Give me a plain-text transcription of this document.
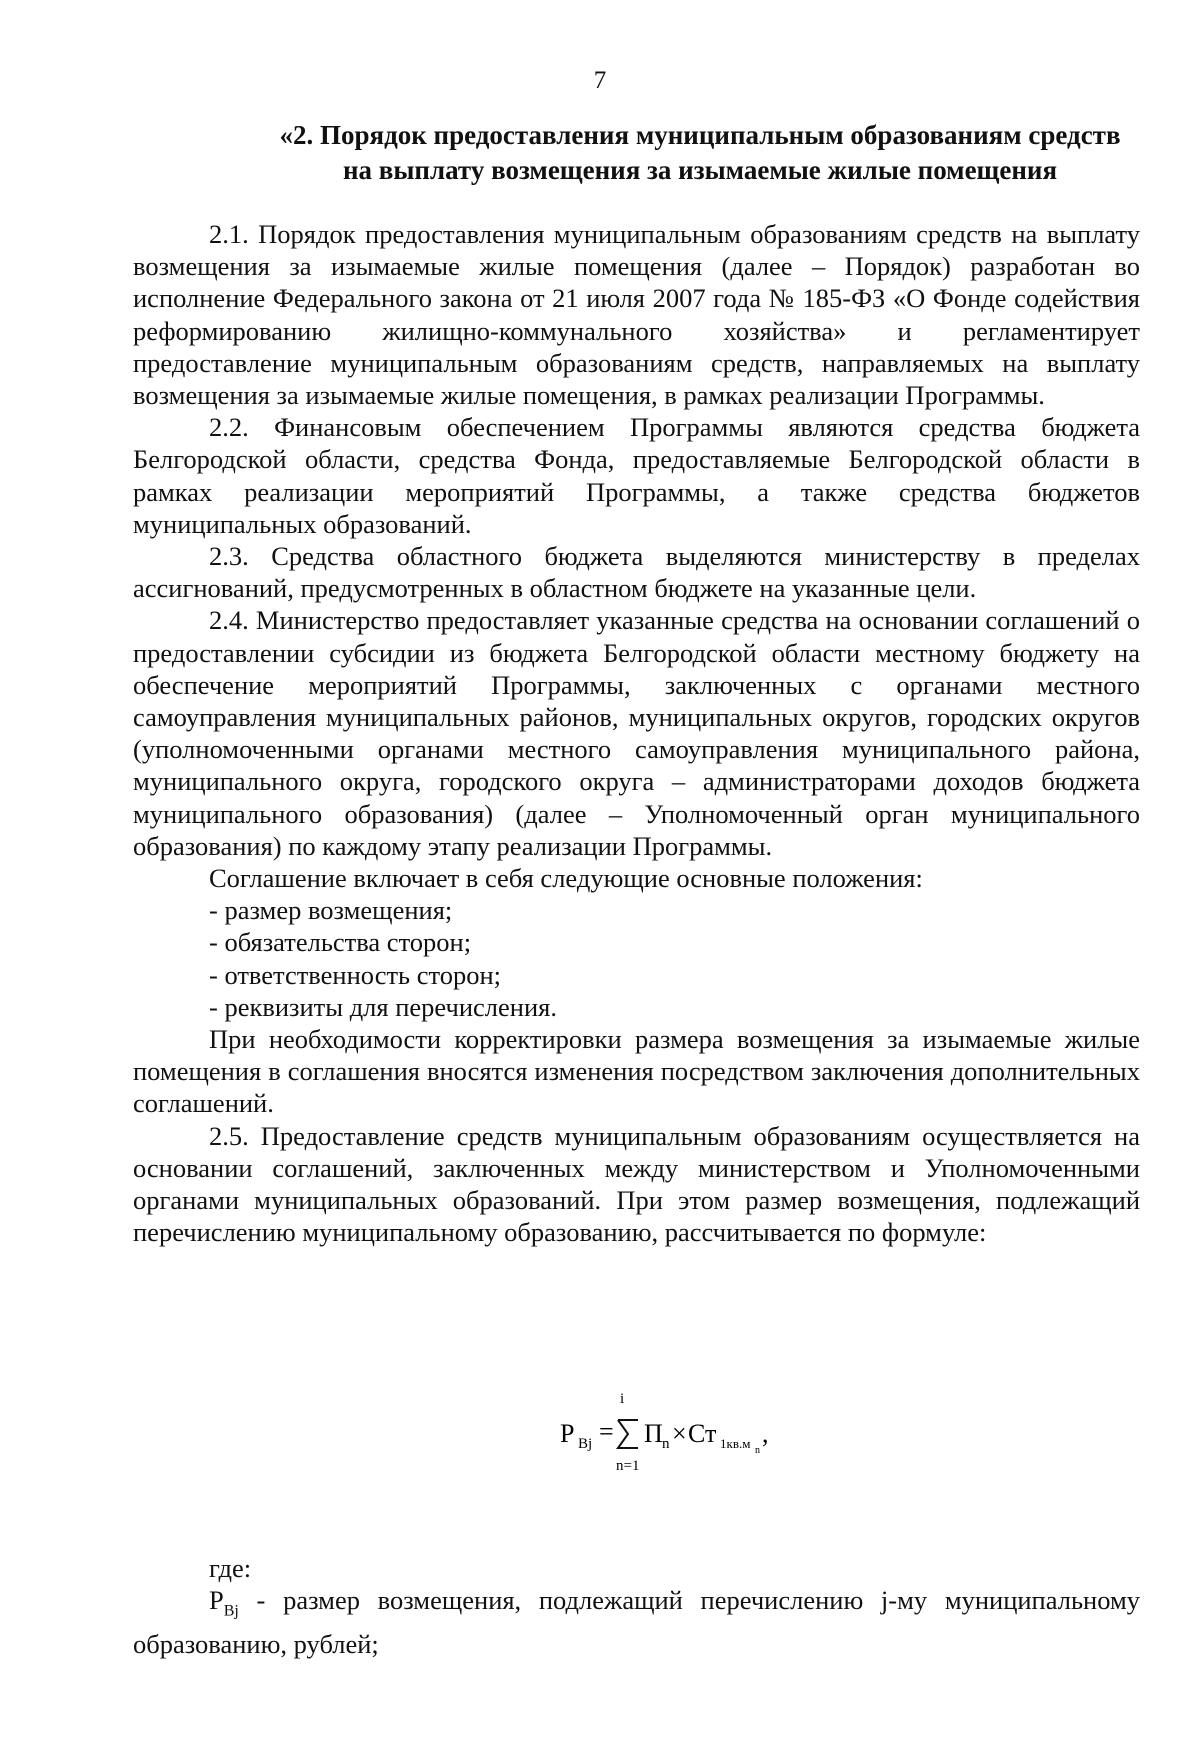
7
«2. Порядок предоставления муниципальным образованиям средств
на выплату возмещения за изымаемые жилые помещения

2.1. Порядок предоставления муниципальным образованиям средств на выплату возмещения за изымаемые жилые помещения (далее – Порядок) разработан во исполнение Федерального закона от 21 июля 2007 года № 185-ФЗ «О Фонде содействия реформированию жилищно-коммунального хозяйства» и регламентирует предоставление муниципальным образованиям средств, направляемых на выплату возмещения за изымаемые жилые помещения, в рамках реализации Программы.

2.2. Финансовым обеспечением Программы являются средства бюджета Белгородской области, средства Фонда, предоставляемые Белгородской области в рамках реализации мероприятий Программы, а также средства бюджетов муниципальных образований.

2.3. Средства областного бюджета выделяются министерству в пределах ассигнований, предусмотренных в областном бюджете на указанные цели.

2.4. Министерство предоставляет указанные средства на основании соглашений о предоставлении субсидии из бюджета Белгородской области местному бюджету на обеспечение мероприятий Программы, заключенных с органами местного самоуправления муниципальных районов, муниципальных округов, городских округов (уполномоченными органами местного самоуправления муниципального района, муниципального округа, городского округа – администраторами доходов бюджета муниципального образования) (далее – Уполномоченный орган муниципального образования) по каждому этапу реализации Программы.

Соглашение включает в себя следующие основные положения:

- размер возмещения;

- обязательства сторон;

- ответственность сторон;

- реквизиты для перечисления.

При необходимости корректировки размера возмещения за изымаемые жилые помещения в соглашения вносятся изменения посредством заключения дополнительных соглашений.

2.5. Предоставление средств муниципальным образованиям осуществляется на основании соглашений, заключенных между министерством и Уполномоченными органами муниципальных образований. При этом размер возмещения, подлежащий перечислению муниципальному образованию, рассчитывается по формуле:

P Bj =
i
n=1
П n × Ст 1кв.м n
,

где:

$P_{Bj}$ - размер возмещения, подлежащий перечислению j-му муниципальному образованию, рублей;
